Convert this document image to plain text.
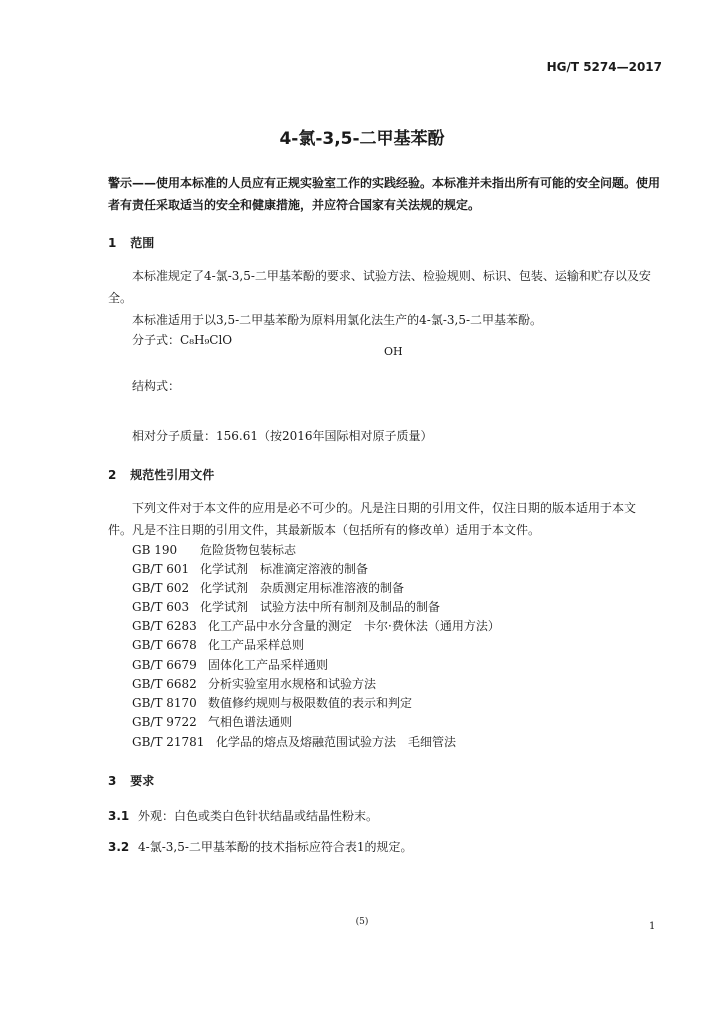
HG/T 5274—2017
4-氯-3,5-二甲基苯酚
警示——使用本标准的人员应有正规实验室工作的实践经验。本标准并未指出所有可能的安全问题。使用者有责任采取适当的安全和健康措施，并应符合国家有关法规的规定。
1 范围
本标准规定了4-氯-3,5-二甲基苯酚的要求、试验方法、检验规则、标识、包装、运输和贮存以及安全。
本标准适用于以3,5-二甲基苯酚为原料用氯化法生产的4-氯-3,5-二甲基苯酚。
分子式：C₈H₉ClO
OH
结构式：
相对分子质量：156.61（按2016年国际相对原子质量）
2 规范性引用文件
下列文件对于本文件的应用是必不可少的。凡是注日期的引用文件，仅注日期的版本适用于本文件。凡是不注日期的引用文件，其最新版本（包括所有的修改单）适用于本文件。
GB 190 危险货物包装标志
GB/T 601 化学试剂　标准滴定溶液的制备
GB/T 602 化学试剂　杂质测定用标准溶液的制备
GB/T 603 化学试剂　试验方法中所有制剂及制品的制备
GB/T 6283 化工产品中水分含量的测定　卡尔·费休法（通用方法）
GB/T 6678 化工产品采样总则
GB/T 6679 固体化工产品采样通则
GB/T 6682 分析实验室用水规格和试验方法
GB/T 8170 数值修约规则与极限数值的表示和判定
GB/T 9722 气相色谱法通则
GB/T 21781 化学品的熔点及熔融范围试验方法　毛细管法
3 要求
3.1 外观：白色或类白色针状结晶或结晶性粉末。
3.2 4-氯-3,5-二甲基苯酚的技术指标应符合表1的规定。
(5)	1
